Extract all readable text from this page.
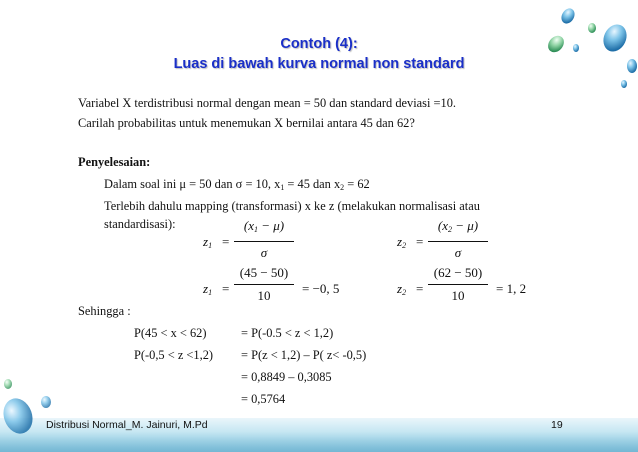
Contoh (4):
Luas di bawah kurva normal non standard
Variabel X terdistribusi normal dengan mean = 50 dan standard deviasi =10.
Carilah probabilitas untuk menemukan X bernilai antara 45 dan 62?
Penyelesaian:
Dalam soal ini μ = 50 dan σ = 10, $x_1 = 45$ dan $x_2 = 62$
Terlebih dahulu mapping (transformasi) x ke z (melakukan normalisasi atau
standardisasi):
$z_1$ =
$(x_1 - \mu)$
σ
$z_2$ =
$(x_2 - \mu)$
σ
$z_1$ =
(45 − 50)
10	= −0, 5	$z_2$ =
(62 − 50)
10	= 1, 2
Sehingga :
P(45 < x < 62)	= P(-0.5 < z < 1,2)
P(-0,5 < z <1,2) = P(z < 1,2) – P( z< -0,5)
= 0,8849 – 0,3085
= 0,5764
Distribusi Normal_M. Jainuri, M.Pd	19
